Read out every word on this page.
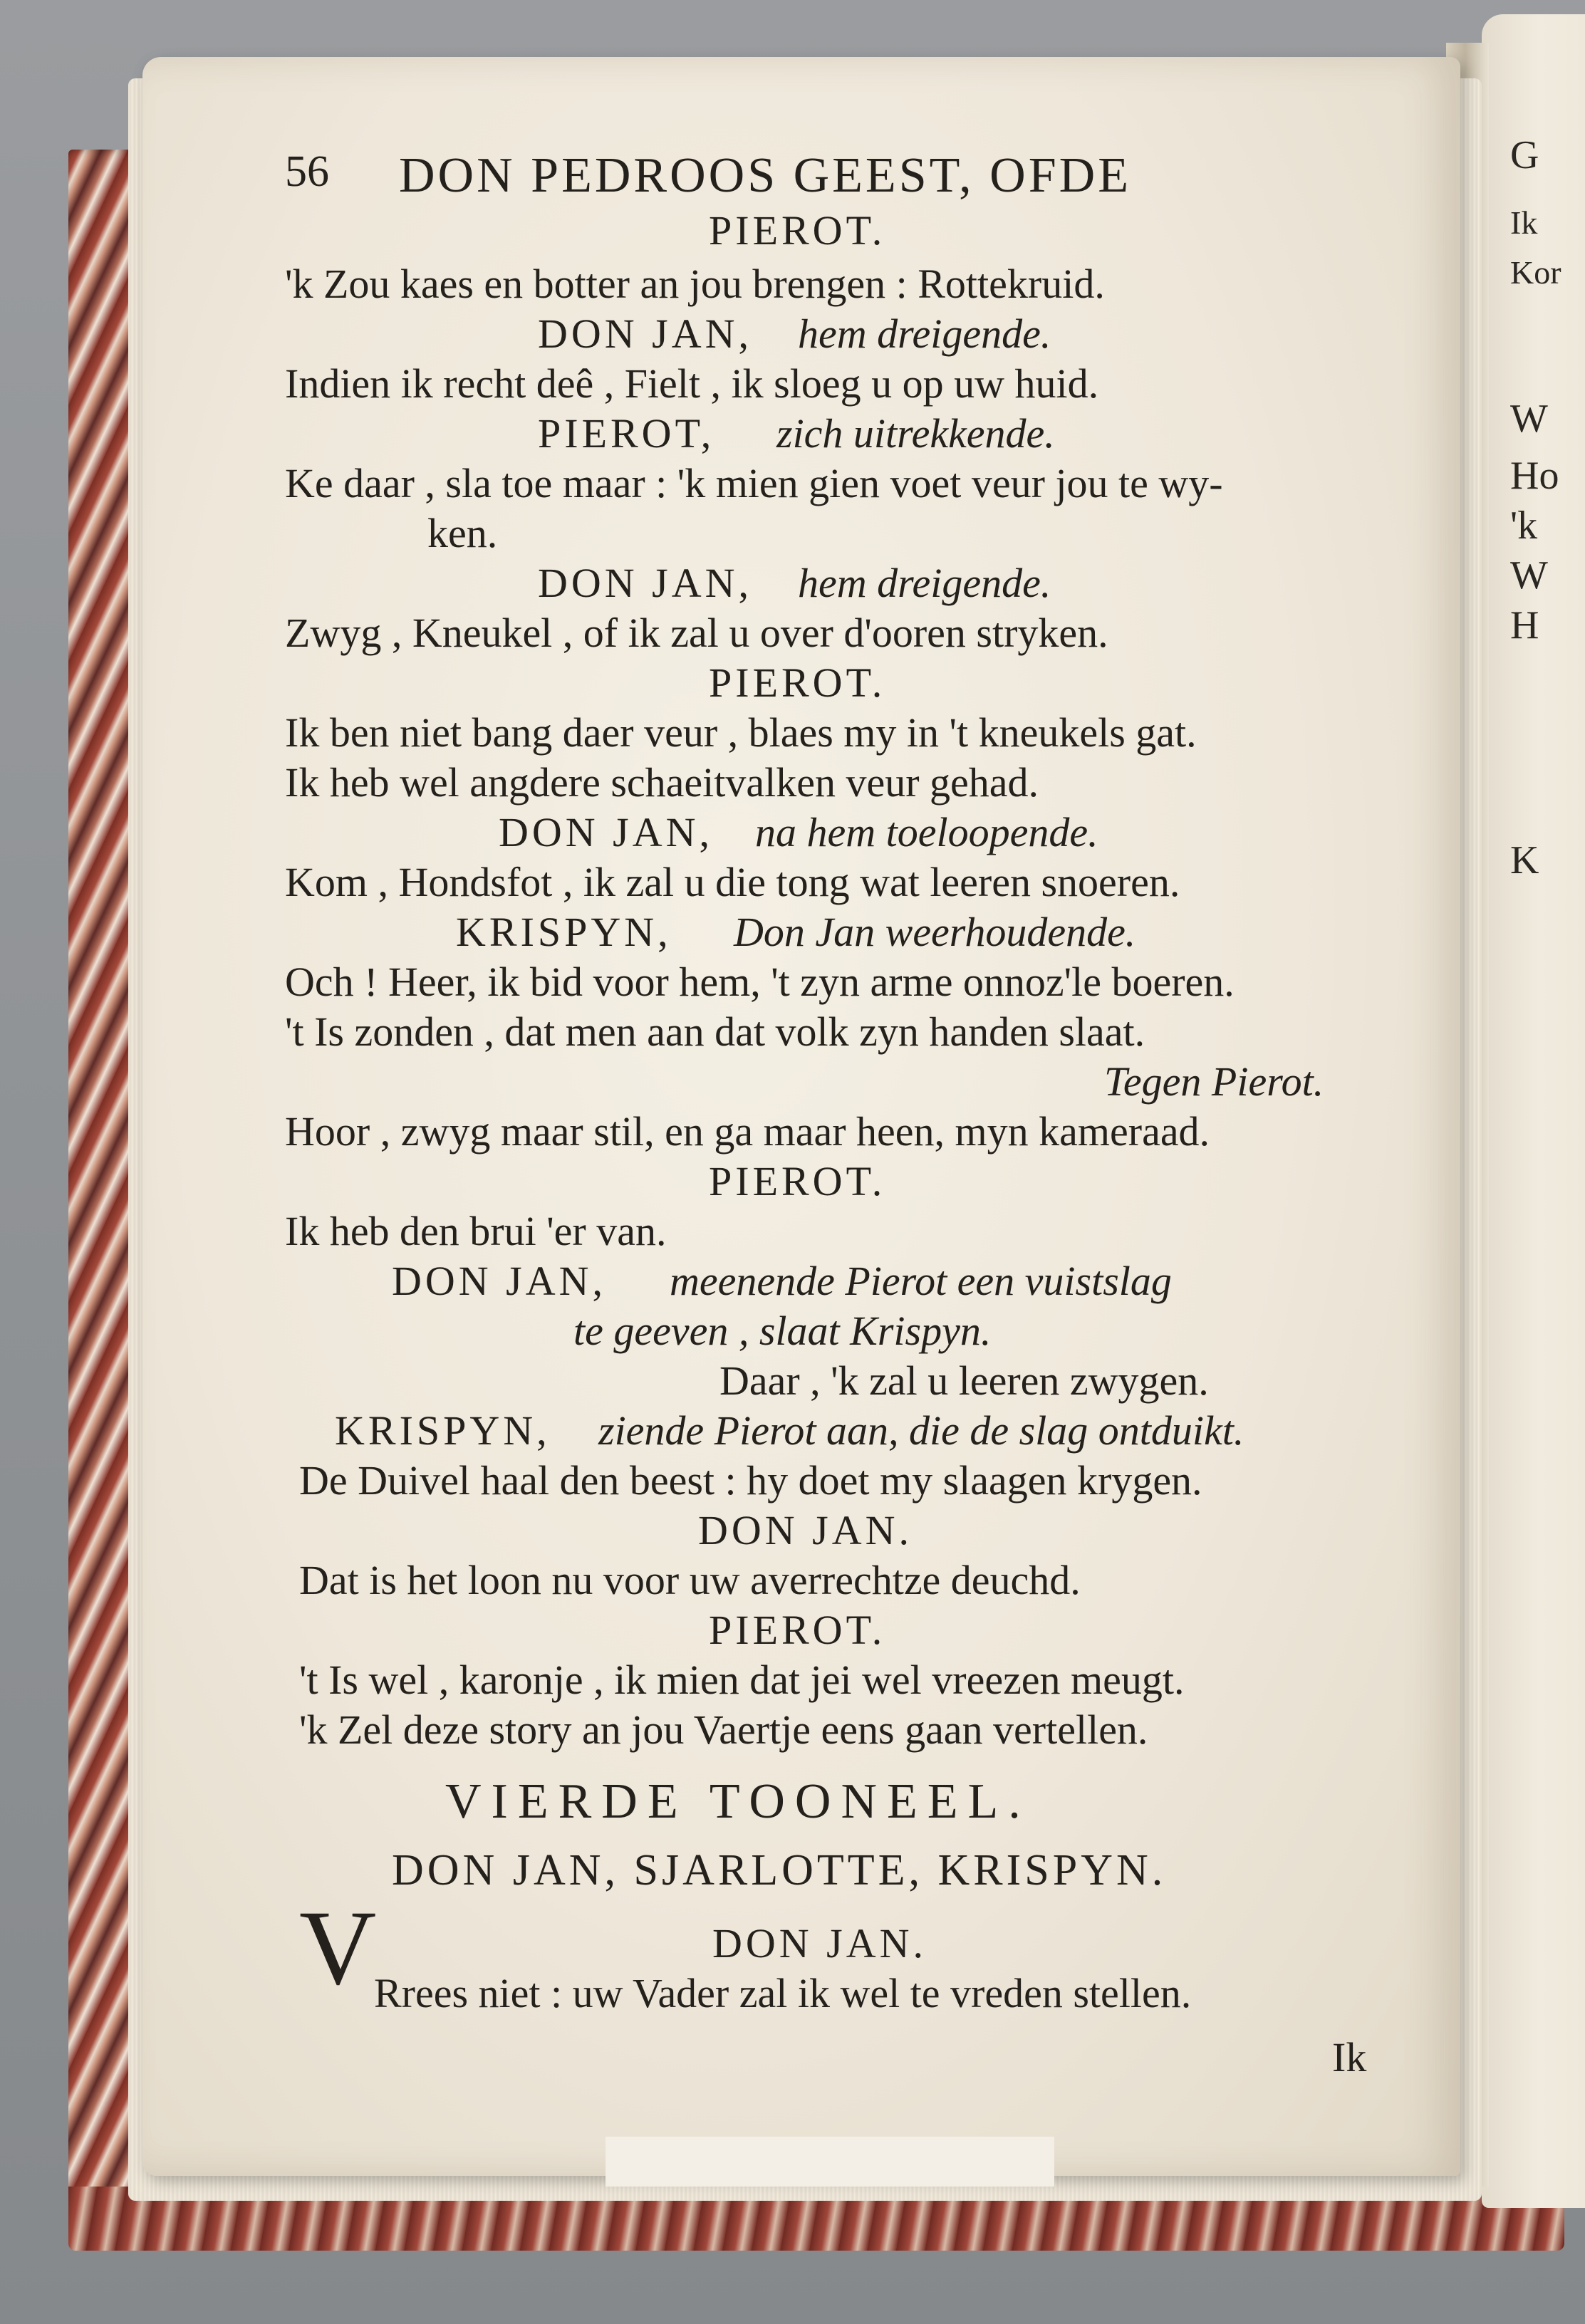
G
Ik
Kor
W
Ho
'k
W
H
K
56 DON PEDROOS GEEST, OFDE
PIEROT.
'k Zou kaes en botter an jou brengen : Rottekruid.
DON JAN, hem dreigende.
Indien ik recht deê , Fielt , ik sloeg u op uw huid.
PIEROT, zich uitrekkende.
Ke daar , sla toe maar : 'k mien gien voet veur jou te wy-
ken.
DON JAN, hem dreigende.
Zwyg , Kneukel , of ik zal u over d'ooren stryken.
PIEROT.
Ik ben niet bang daer veur , blaes my in 't kneukels gat.
Ik heb wel angdere schaeitvalken veur gehad.
DON JAN, na hem toeloopende.
Kom , Hondsfot , ik zal u die tong wat leeren snoeren.
KRISPYN, Don Jan weerhoudende.
Och ! Heer, ik bid voor hem, 't zyn arme onnoz'le boeren.
't Is zonden , dat men aan dat volk zyn handen slaat.
Tegen Pierot.
Hoor , zwyg maar stil, en ga maar heen, myn kameraad.
PIEROT.
Ik heb den brui 'er van.
DON JAN, meenende Pierot een vuistslag
te geeven , slaat Krispyn.
Daar , 'k zal u leeren zwygen.
KRISPYN, ziende Pierot aan, die de slag ontduikt.
De Duivel haal den beest : hy doet my slaagen krygen.
DON JAN.
Dat is het loon nu voor uw averrechtze deuchd.
PIEROT.
't Is wel , karonje , ik mien dat jei wel vreezen meugt.
'k Zel deze story an jou Vaertje eens gaan vertellen.
VIERDE TOONEEL.
DON JAN, SJARLOTTE, KRISPYN.
V	DON JAN.
Rrees niet : uw Vader zal ik wel te vreden stellen.
Ik
